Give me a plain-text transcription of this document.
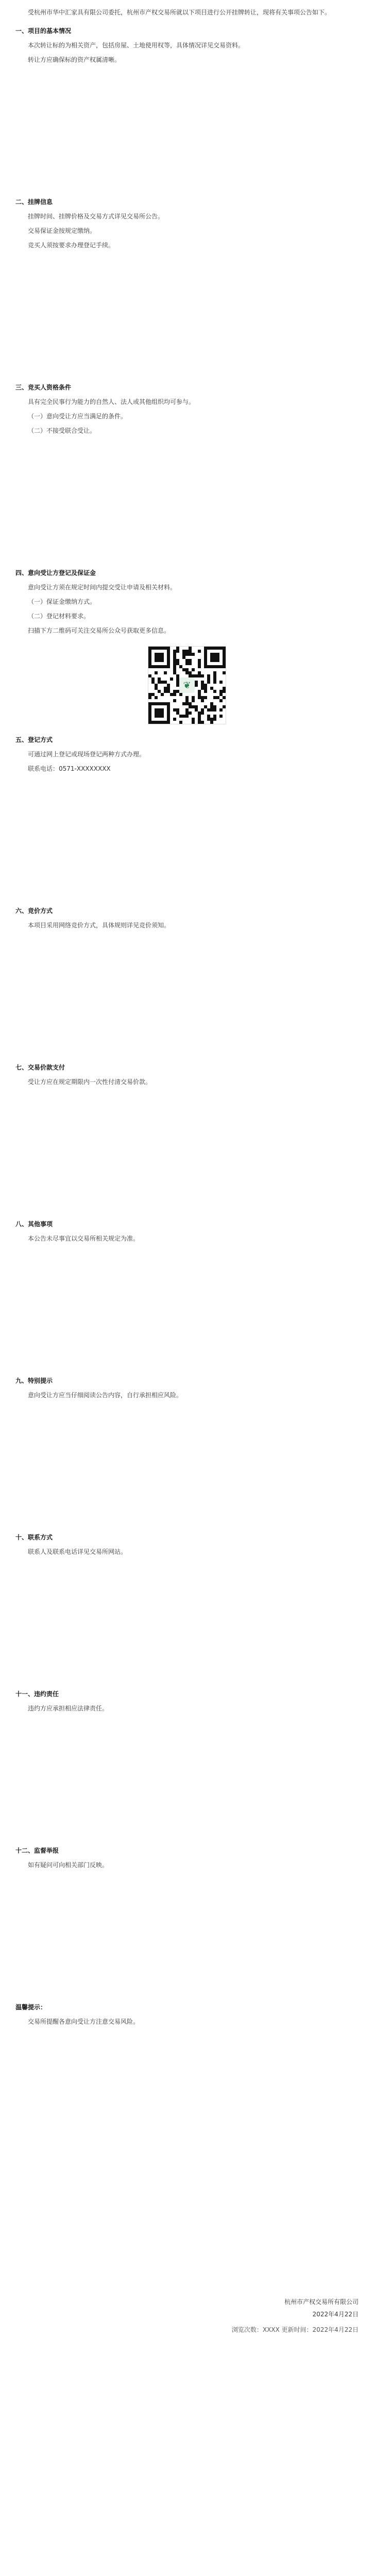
受杭州市华中汇家具有限公司委托，杭州市产权交易所就以下项目进行公开挂牌转让，现将有关事项公告如下。

一、项目的基本情况

本次转让标的为相关资产，包括房屋、土地使用权等，具体情况详见交易资料。

转让方应确保标的资产权属清晰。

二、挂牌信息

挂牌时间、挂牌价格及交易方式详见交易所公告。

交易保证金按规定缴纳。

竞买人须按要求办理登记手续。

三、竞买人资格条件

具有完全民事行为能力的自然人、法人或其他组织均可参与。

（一）意向受让方应当满足的条件。

（二）不接受联合受让。

四、意向受让方登记及保证金

意向受让方须在规定时间内提交受让申请及相关材料。

（一）保证金缴纳方式。

（二）登记材料要求。

扫描下方二维码可关注交易所公众号获取更多信息。

❦

五、登记方式

可通过网上登记或现场登记两种方式办理。

联系电话：0571-XXXXXXXX

六、竞价方式

本项目采用网络竞价方式，具体规则详见竞价须知。

七、交易价款支付

受让方应在规定期限内一次性付清交易价款。

八、其他事项

本公告未尽事宜以交易所相关规定为准。

九、特别提示

意向受让方应当仔细阅读公告内容，自行承担相应风险。

十、联系方式

联系人及联系电话详见交易所网站。

十一、违约责任

违约方应承担相应法律责任。

十二、监督举报

如有疑问可向相关部门反映。

温馨提示：

交易所提醒各意向受让方注意交易风险。

杭州市产权交易所有限公司

2022年4月22日

浏览次数：XXXX 更新时间：2022年4月22日
